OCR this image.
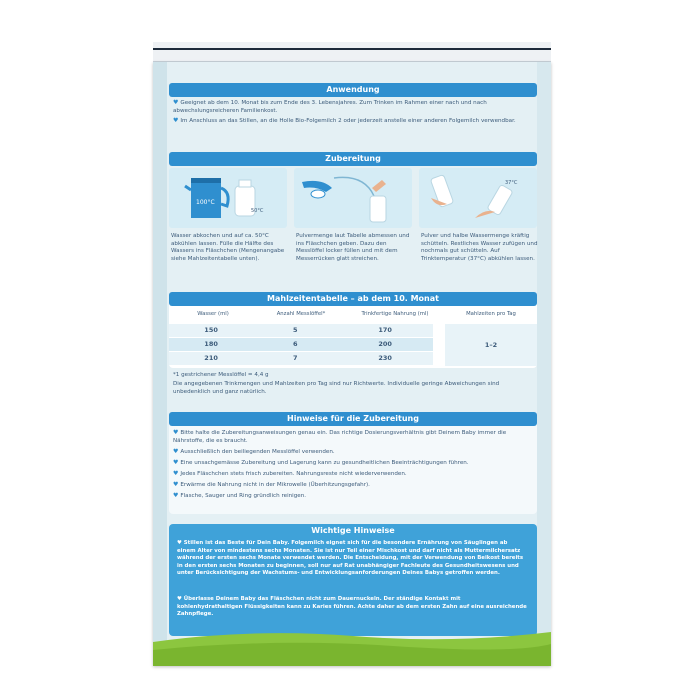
Anwendung
♥ Geeignet ab dem 10. Monat bis zum Ende des 3. Lebensjahres. Zum Trinken im Rahmen einer nach und nach abwechslungsreicheren Familienkost.
♥ Im Anschluss an das Stillen, an die Holle Bio-Folgemilch 2 oder jederzeit anstelle einer anderen Folgemilch verwendbar.
Zubereitung
100°C
50°C
37°C
Wasser abkochen und auf ca. 50°C abkühlen lassen. Fülle die Hälfte des Wassers ins Fläschchen (Mengenangabe siehe Mahlzeitentabelle unten).
Pulvermenge laut Tabelle abmessen und ins Fläschchen geben. Dazu den Messlöffel locker füllen und mit dem Messerrücken glatt streichen.
Pulver und halbe Wassermenge kräftig schütteln. Restliches Wasser zufügen und nochmals gut schütteln. Auf Trinktemperatur (37°C) abkühlen lassen.
Mahlzeitentabelle – ab dem 10. Monat
Wasser (ml)	Anzahl Messlöffel*	Trinkfertige Nahrung (ml)	Mahlzeiten pro Tag
150	5	170
180	6	200
210	7	230
1–2
*1 gestrichener Messlöffel = 4,4 g
Die angegebenen Trinkmengen und Mahlzeiten pro Tag sind nur Richtwerte. Individuelle geringe Abweichungen sind unbedenklich und ganz natürlich.
Hinweise für die Zubereitung
♥ Bitte halte die Zubereitungsanweisungen genau ein. Das richtige Dosierungsverhältnis gibt Deinem Baby immer die Nährstoffe, die es braucht.
♥ Ausschließlich den beiliegenden Messlöffel verwenden.
♥ Eine unsachgemässe Zubereitung und Lagerung kann zu gesundheitlichen Beeinträchtigungen führen.
♥ Jedes Fläschchen stets frisch zubereiten. Nahrungsreste nicht wiederverwenden.
♥ Erwärme die Nahrung nicht in der Mikrowelle (Überhitzungsgefahr).
♥ Flasche, Sauger und Ring gründlich reinigen.
Wichtige Hinweise
♥ Stillen ist das Beste für Dein Baby. Folgemilch eignet sich für die besondere Ernährung von Säuglingen ab einem Alter von mindestens sechs Monaten. Sie ist nur Teil einer Mischkost und darf nicht als Muttermilchersatz während der ersten sechs Monate verwendet werden. Die Entscheidung, mit der Verwendung von Beikost bereits in den ersten sechs Monaten zu beginnen, soll nur auf Rat unabhängiger Fachleute des Gesundheitswesens und unter Berücksichtigung der Wachstums- und Entwicklungsanforderungen Deines Babys getroffen werden.
♥ Überlasse Deinem Baby das Fläschchen nicht zum Dauernuckeln. Der ständige Kontakt mit kohlenhydrathaltigen Flüssigkeiten kann zu Karies führen. Achte daher ab dem ersten Zahn auf eine ausreichende Zahnpflege.
